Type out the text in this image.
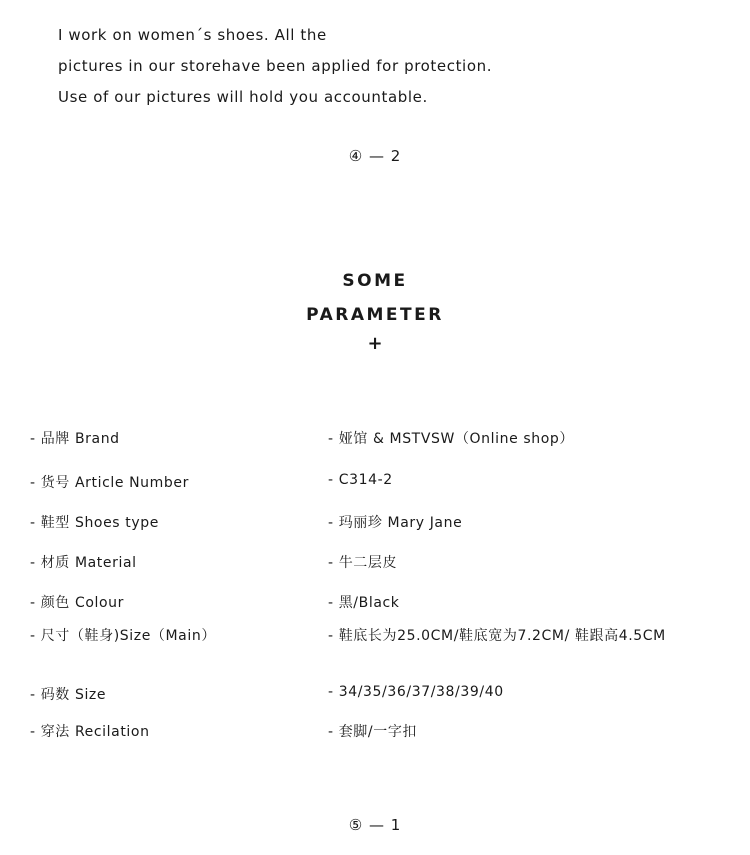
I work on women´s shoes. All the
pictures in our storehave been applied for protection.
Use of our pictures will hold you accountable.
④ — 2
SOME
PARAMETER
+
- 品牌 Brand	- 娅馆 & MSTVSW（Online shop）
- 货号 Article Number	- C314-2
- 鞋型 Shoes type	- 玛丽珍 Mary Jane
- 材质 Material	- 牛二层皮
- 颜色 Colour	- 黑/Black
- 尺寸（鞋身)Size（Main）	- 鞋底长为25.0CM/鞋底宽为7.2CM/ 鞋跟高4.5CM
- 码数 Size	- 34/35/36/37/38/39/40
- 穿法 Recilation	- 套脚/一字扣
⑤ — 1
